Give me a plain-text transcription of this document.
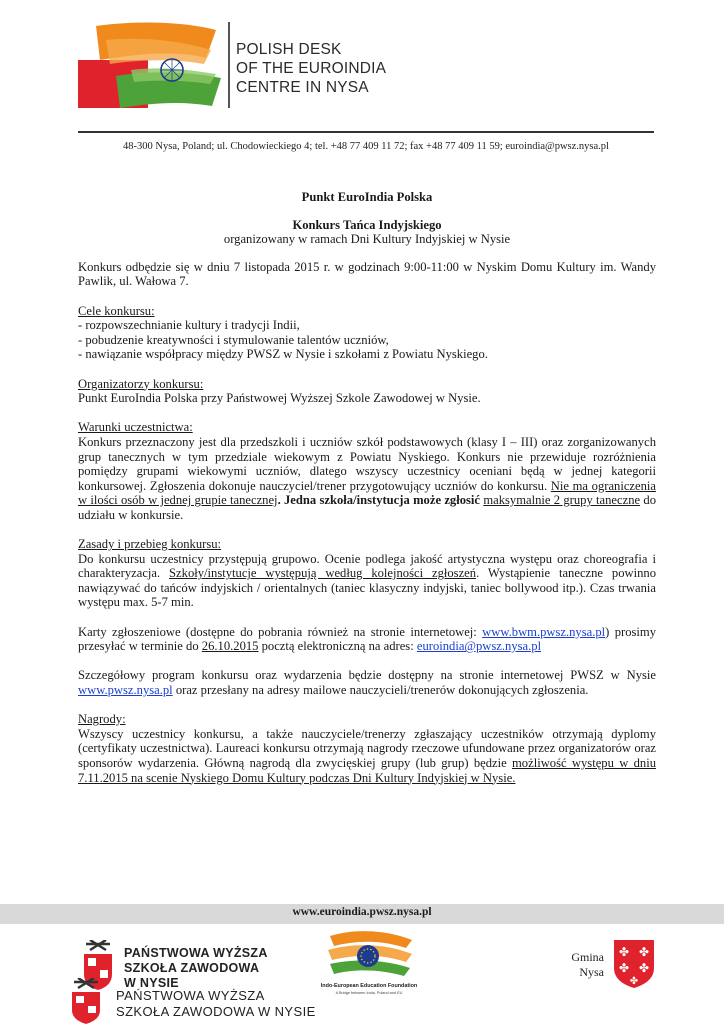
POLISH DESK
OF THE EUROINDIA
CENTRE IN NYSA
48-300 Nysa, Poland; ul. Chodowieckiego 4; tel. +48 77 409 11 72; fax +48 77 409 11 59; euroindia@pwsz.nysa.pl

Punkt EuroIndia Polska

Konkurs Tańca Indyjskiego

organizowany w ramach Dni Kultury Indyjskiej w Nysie

Konkurs odbędzie się w dniu 7 listopada 2015 r. w godzinach 9:00-11:00 w Nyskim Domu Kultury im. Wandy Pawlik, ul. Wałowa 7.

Cele konkursu:

- rozpowszechnianie kultury i tradycji Indii,

- pobudzenie kreatywności i stymulowanie talentów uczniów,

- nawiązanie współpracy między PWSZ w Nysie i szkołami z Powiatu Nyskiego.

Organizatorzy konkursu:

Punkt EuroIndia Polska przy Państwowej Wyższej Szkole Zawodowej w Nysie.

Warunki uczestnictwa:

Konkurs przeznaczony jest dla przedszkoli i uczniów szkół podstawowych (klasy I – III) oraz zorganizowanych grup tanecznych w tym przedziale wiekowym z Powiatu Nyskiego. Konkurs nie przewiduje rozróżnienia pomiędzy grupami wiekowymi uczniów, dlatego wszyscy uczestnicy oceniani będą w jednej kategorii konkursowej. Zgłoszenia dokonuje nauczyciel/trener przygotowujący uczniów do konkursu. Nie ma ograniczenia w ilości osób w jednej grupie tanecznej. Jedna szkoła/instytucja może zgłosić maksymalnie 2 grupy taneczne do udziału w konkursie.

Zasady i przebieg konkursu:

Do konkursu uczestnicy przystępują grupowo. Ocenie podlega jakość artystyczna występu oraz choreografia i charakteryzacja. Szkoły/instytucje występują według kolejności zgłoszeń. Wystąpienie taneczne powinno nawiązywać do tańców indyjskich / orientalnych (taniec klasyczny indyjski, taniec bollywood itp.). Czas trwania występu max. 5-7 min.

Karty zgłoszeniowe (dostępne do pobrania również na stronie internetowej: www.bwm.pwsz.nysa.pl) prosimy przesyłać w terminie do 26.10.2015 pocztą elektroniczną na adres: euroindia@pwsz.nysa.pl

Szczegółowy program konkursu oraz wydarzenia będzie dostępny na stronie internetowej PWSZ w Nysie www.pwsz.nysa.pl oraz przesłany na adresy mailowe nauczycieli/trenerów dokonujących zgłoszenia.

Nagrody:

Wszyscy uczestnicy konkursu, a także nauczyciele/trenerzy zgłaszający uczestników otrzymają dyplomy (certyfikaty uczestnictwa). Laureaci konkursu otrzymają nagrody rzeczowe ufundowane przez organizatorów oraz sponsorów wydarzenia. Główną nagrodą dla zwycięskiej grupy (lub grup) będzie możliwość występu w dniu 7.11.2015 na scenie Nyskiego Domu Kultury podczas Dni Kultury Indyjskiej w Nysie.

www.euroindia.pwsz.nysa.pl
PAŃSTWOWA WYŻSZA
SZKOŁA ZAWODOWA
W NYSIE
PAŃSTWOWA WYŻSZA
SZKOŁA ZAWODOWA W NYSIE
Indo-European Education Foundation
A Bridge between India, Poland and EU
Gmina
Nysa
✤ ✤
✤ ✤
✤
